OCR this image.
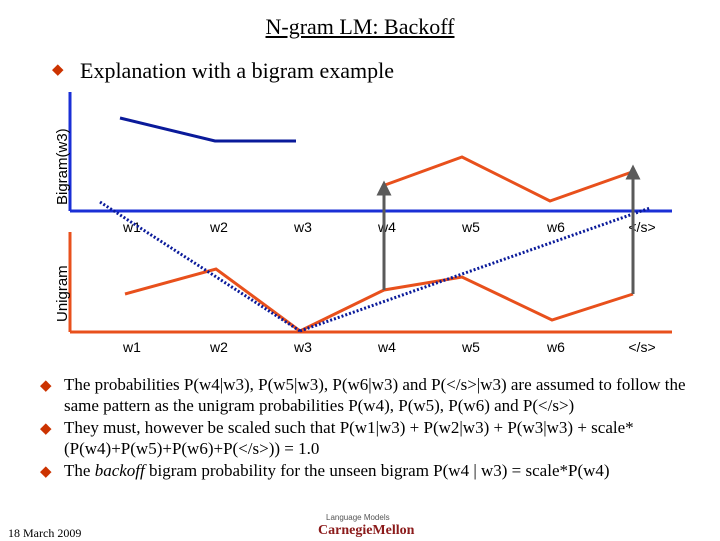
N-gram LM: Backoff
◆ Explanation with a bigram example
Bigram(w3)
Unigram
w1	w2	w3	w4	w5	w6	</s>
w1	w2	w3	w4	w5	w6	</s>
◆ The probabilities P(w4|w3), P(w5|w3), P(w6|w3) and P(</s>|w3) are assumed to follow the same pattern as the unigram probabilities P(w4), P(w5), P(w6) and P(</s>)
◆ They must, however be scaled such that P(w1|w3) + P(w2|w3) + P(w3|w3) + scale*(P(w4)+P(w5)+P(w6)+P(</s>)) = 1.0
◆ The backoff bigram probability for the unseen bigram P(w4 | w3) = scale*P(w4)
18 March 2009
Language Models
CarnegieMellon
